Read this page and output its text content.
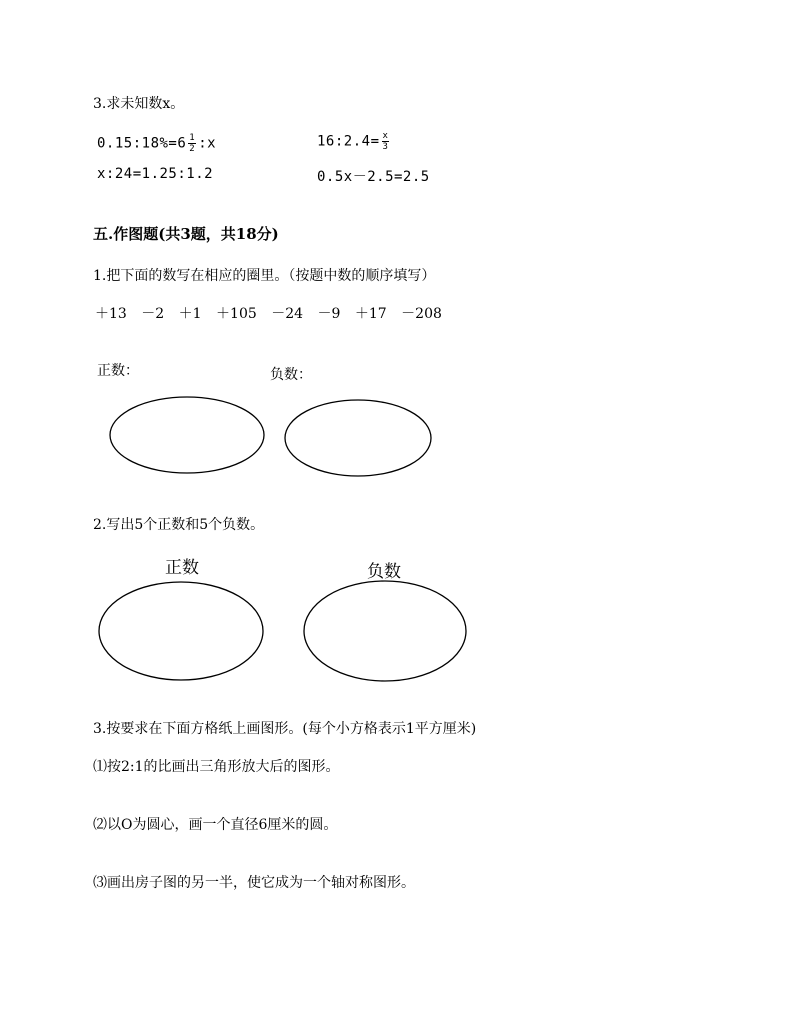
3.求未知数x。
0.15:18%=6 $\frac{1}{2}$ :x	16:2.4= $\frac{x}{3}$
x:24=1.25:1.2	0.5x－2.5=2.5
五.作图题(共3题，共18分)
1.把下面的数写在相应的圈里。（按题中数的顺序填写）
＋13 －2 ＋1 ＋105 －24 －9 ＋17 －208
正数：	负数：
2.写出5个正数和5个负数。
正数	负数
3.按要求在下面方格纸上画图形。(每个小方格表示1平方厘米)
⑴按2:1的比画出三角形放大后的图形。
⑵以O为圆心，画一个直径6厘米的圆。
⑶画出房子图的另一半，使它成为一个轴对称图形。
